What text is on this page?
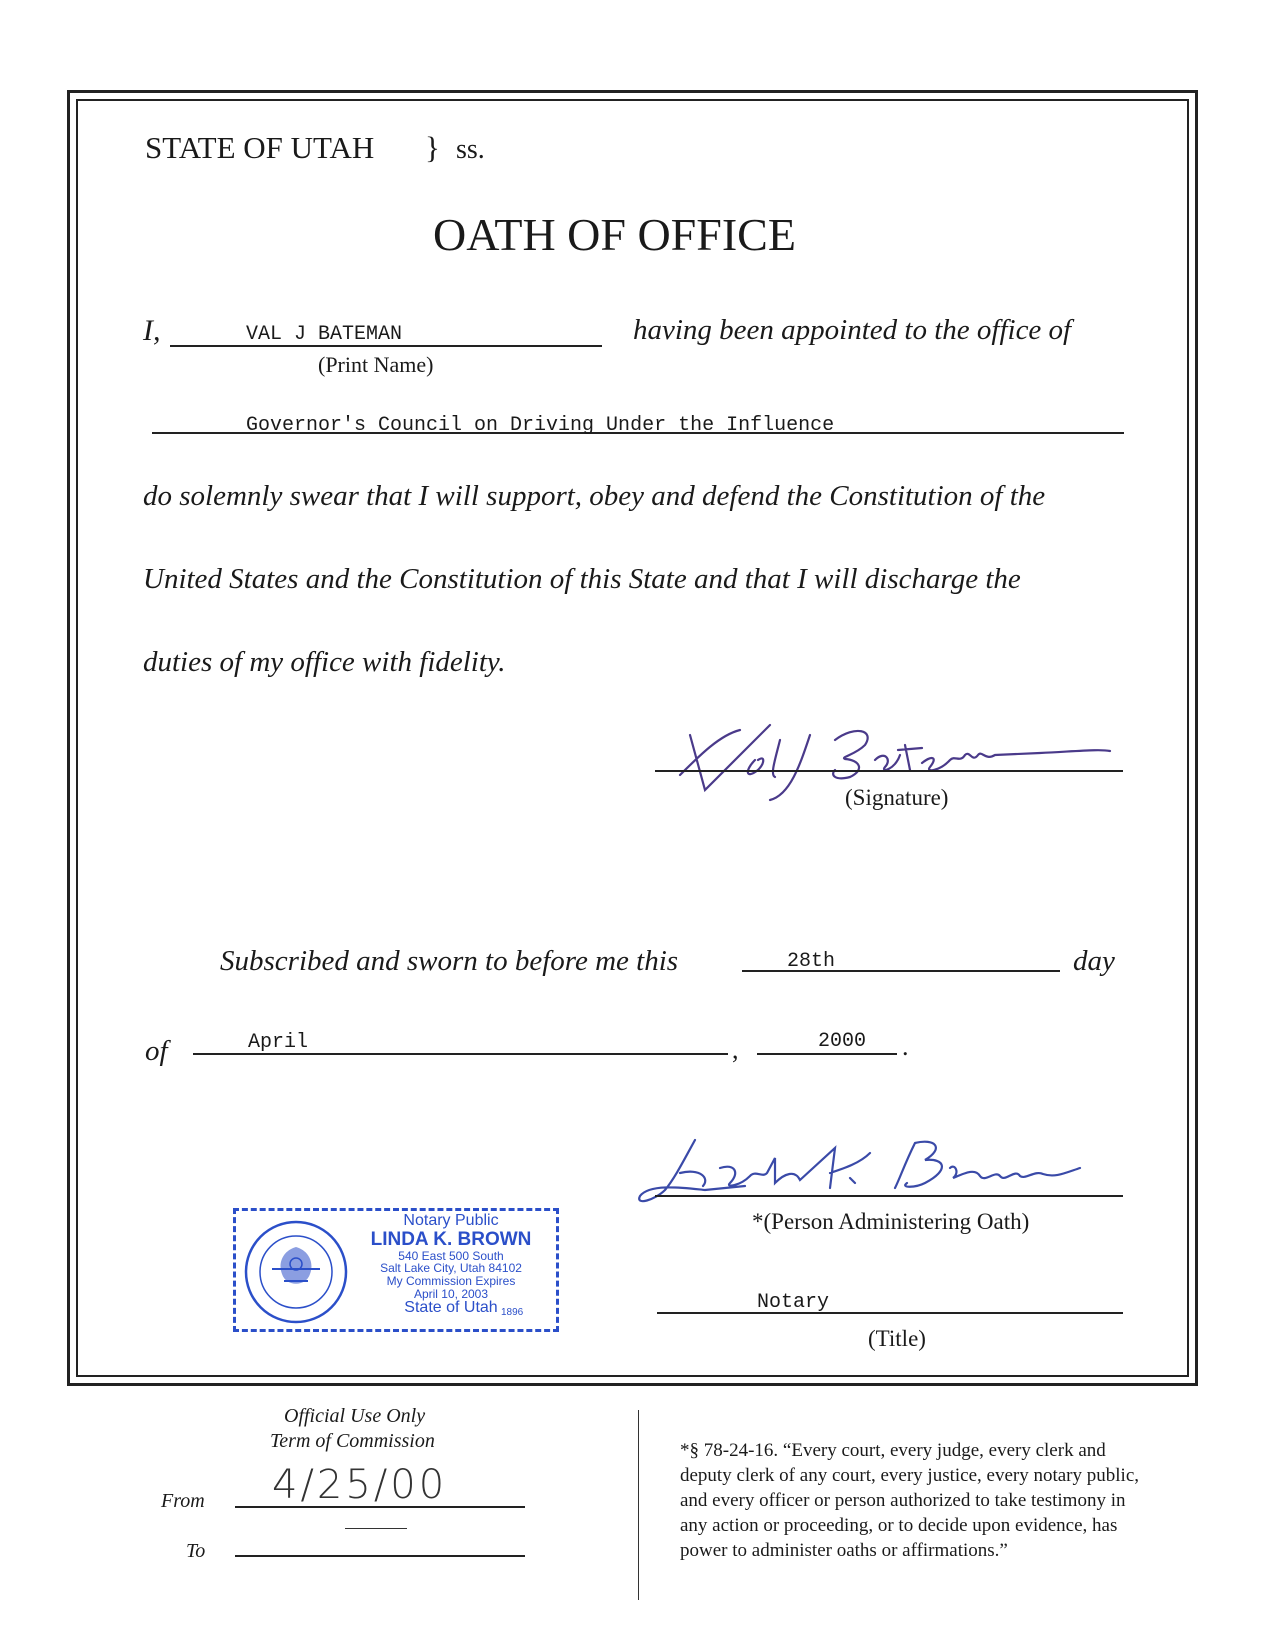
STATE OF UTAH } ss.
OATH OF OFFICE
I,	VAL J BATEMAN
(Print Name)
having been appointed to the office of
Governor's Council on Driving Under the Influence
do solemnly swear that I will support, obey and defend the Constitution of the
United States and the Constitution of this State and that I will discharge the
duties of my office with fidelity.
(Signature)
Subscribed and sworn to before me this	28th	day
of	April	,	2000 .
*(Person Administering Oath)
Notary
(Title)
1896
Notary Public
LINDA K. BROWN
540 East 500 South
Salt Lake City, Utah 84102
My Commission Expires
April 10, 2003
State of Utah
Official Use Only
Term of Commission
From 4/25/00
To
*§ 78-24-16. “Every court, every judge, every clerk and
deputy clerk of any court, every justice, every notary public,
and every officer or person authorized to take testimony in
any action or proceeding, or to decide upon evidence, has
power to administer oaths or affirmations.”
